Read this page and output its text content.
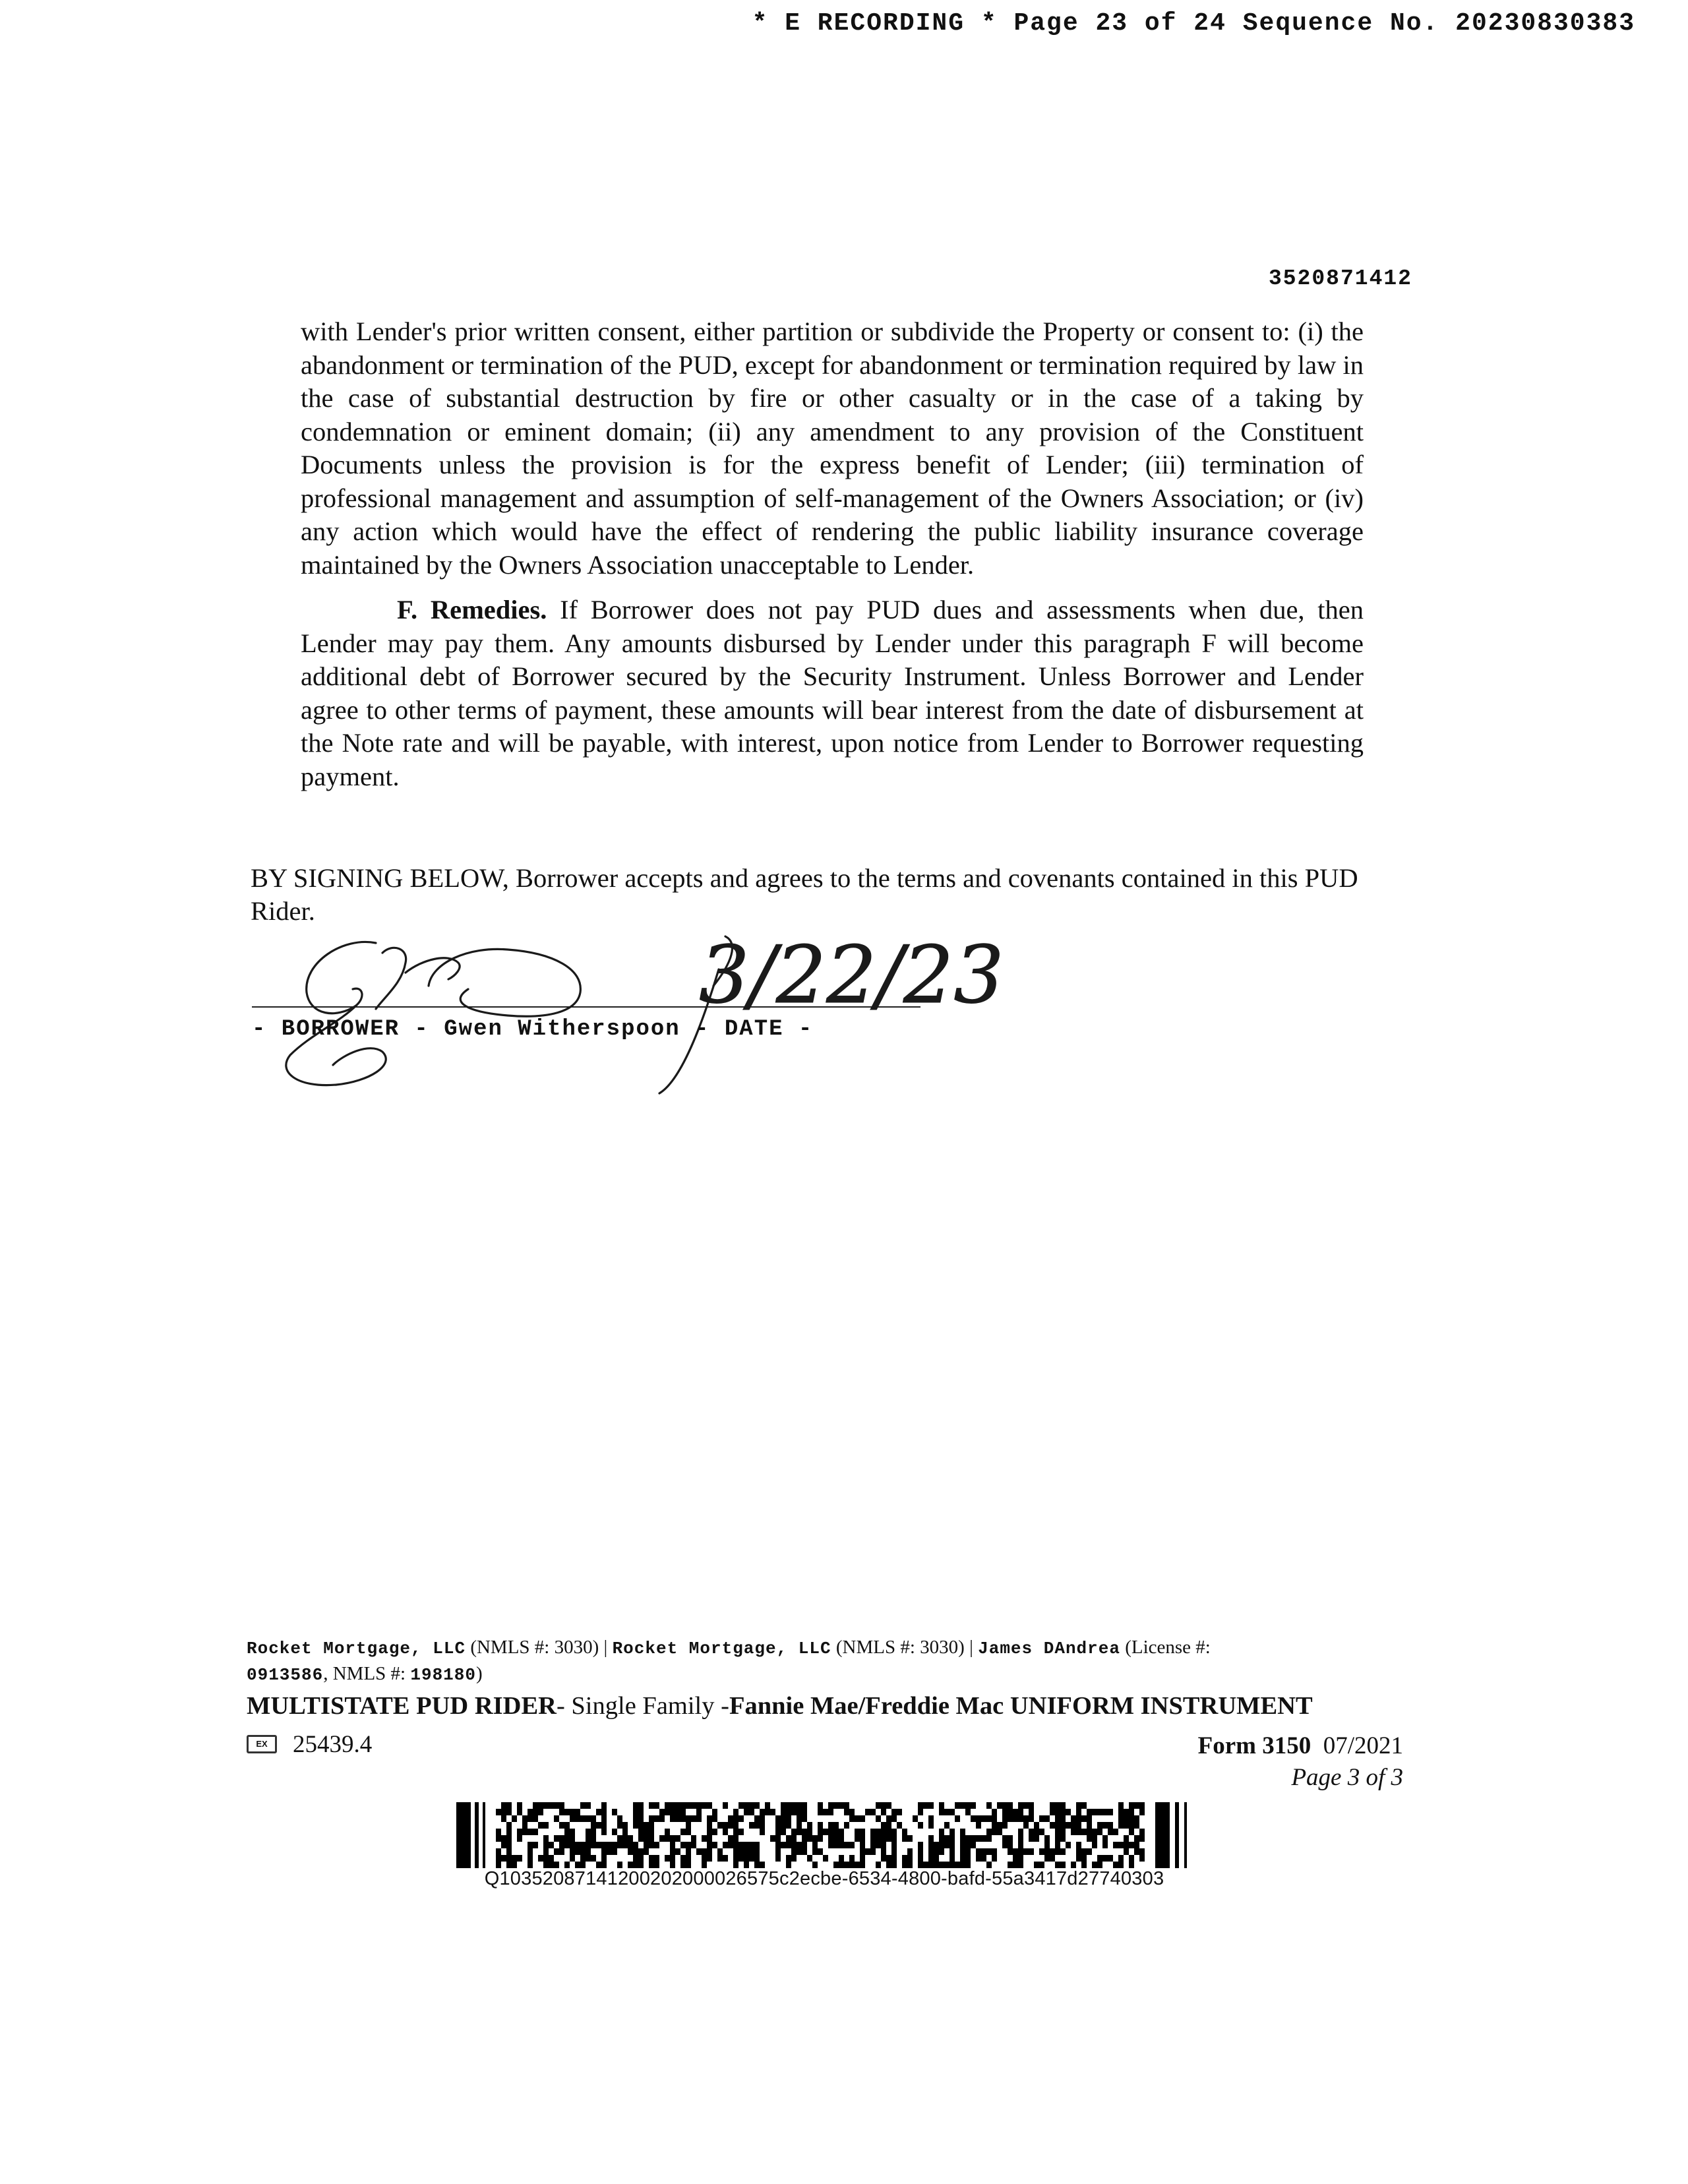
* E RECORDING * Page 23 of 24 Sequence No. 20230830383
3520871412

with Lender's prior written consent, either partition or subdivide the Property or consent to: (i) the abandonment or termination of the PUD, except for abandonment or termination required by law in the case of substantial destruction by fire or other casualty or in the case of a taking by condemnation or eminent domain; (ii) any amendment to any provision of the Constituent Documents unless the provision is for the express benefit of Lender; (iii) termination of professional management and assumption of self-management of the Owners Association; or (iv) any action which would have the effect of rendering the public liability insurance coverage maintained by the Owners Association unacceptable to Lender.

F. Remedies. If Borrower does not pay PUD dues and assessments when due, then Lender may pay them. Any amounts disbursed by Lender under this paragraph F will become additional debt of Borrower secured by the Security Instrument. Unless Borrower and Lender agree to other terms of payment, these amounts will bear interest from the date of disbursement at the Note rate and will be payable, with interest, upon notice from Lender to Borrower requesting payment.

BY SIGNING BELOW, Borrower accepts and agrees to the terms and covenants contained in this PUD Rider.
3/22/23
- BORROWER - Gwen Witherspoon - DATE -
Rocket Mortgage, LLC (NMLS #: 3030) | Rocket Mortgage, LLC (NMLS #: 3030) | James DAndrea (License #:
0913586, NMLS #: 198180)
MULTISTATE PUD RIDER- Single Family -Fannie Mae/Freddie Mac UNIFORM INSTRUMENT
EX 25439.4	Form 3150 07/2021
Page 3 of 3
Q10352087141200202000026575c2ecbe-6534-4800-bafd-55a3417d27740303
